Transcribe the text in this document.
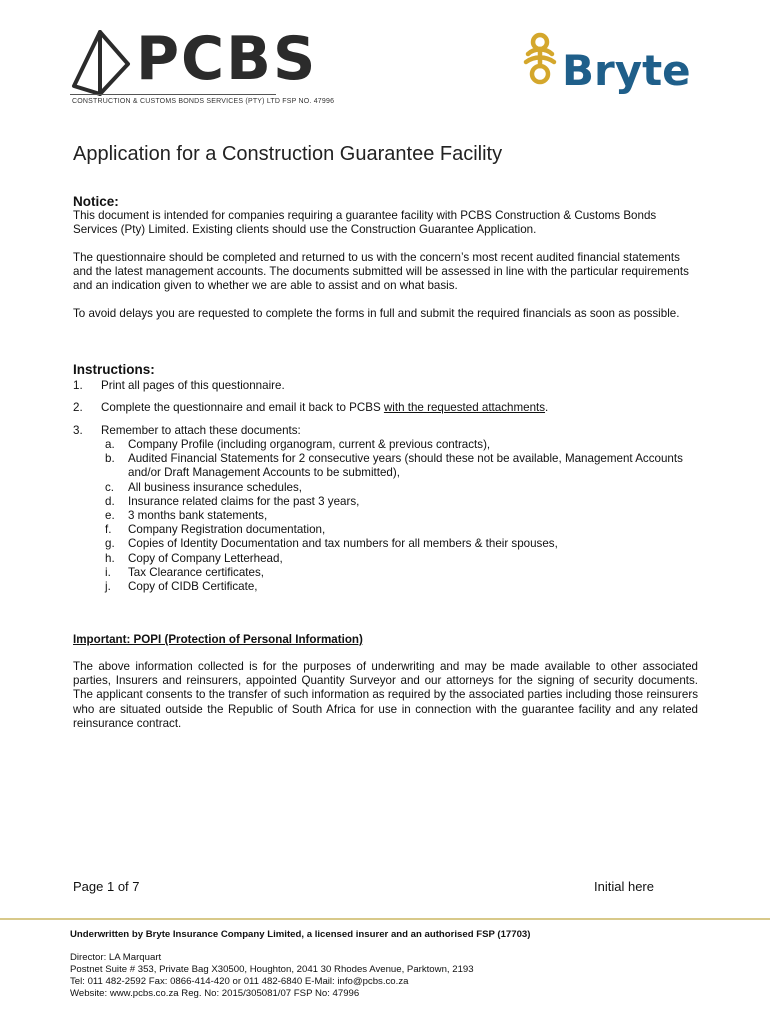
PCBS
CONSTRUCTION & CUSTOMS BONDS SERVICES (PTY) LTD FSP NO. 47996
Bryte
Application for a Construction Guarantee Facility
Notice:
This document is intended for companies requiring a guarantee facility with PCBS Construction & Customs Bonds Services (Pty) Limited. Existing clients should use the Construction Guarantee Application.
The questionnaire should be completed and returned to us with the concern’s most recent audited financial statements and the latest management accounts. The documents submitted will be assessed in line with the particular requirements and an indication given to whether we are able to assist and on what basis.
To avoid delays you are requested to complete the forms in full and submit the required financials as soon as possible.
Instructions:
1. Print all pages of this questionnaire.
2. Complete the questionnaire and email it back to PCBS with the requested attachments.
3. Remember to attach these documents:
a.	Company Profile (including organogram, current & previous contracts),
b.	Audited Financial Statements for 2 consecutive years (should these not be available, Management Accounts and/or Draft Management Accounts to be submitted),
c.	All business insurance schedules,
d.	Insurance related claims for the past 3 years,
e.	3 months bank statements,
f.	Company Registration documentation,
g.	Copies of Identity Documentation and tax numbers for all members & their spouses,
h.	Copy of Company Letterhead,
i.	Tax Clearance certificates,
j.	Copy of CIDB Certificate,
Important: POPI (Protection of Personal Information)
The above information collected is for the purposes of underwriting and may be made available to other associated parties, Insurers and reinsurers, appointed Quantity Surveyor and our attorneys for the signing of security documents. The applicant consents to the transfer of such information as required by the associated parties including those reinsurers who are situated outside the Republic of South Africa for use in connection with the guarantee facility and any related reinsurance contract.
Page 1 of 7	Initial here
Underwritten by Bryte Insurance Company Limited, a licensed insurer and an authorised FSP (17703)
Director: LA Marquart
Postnet Suite # 353, Private Bag X30500, Houghton, 2041 30 Rhodes Avenue, Parktown, 2193
Tel: 011 482-2592 Fax: 0866-414-420 or 011 482-6840 E-Mail: info@pcbs.co.za
Website: www.pcbs.co.za Reg. No: 2015/305081/07 FSP No: 47996
